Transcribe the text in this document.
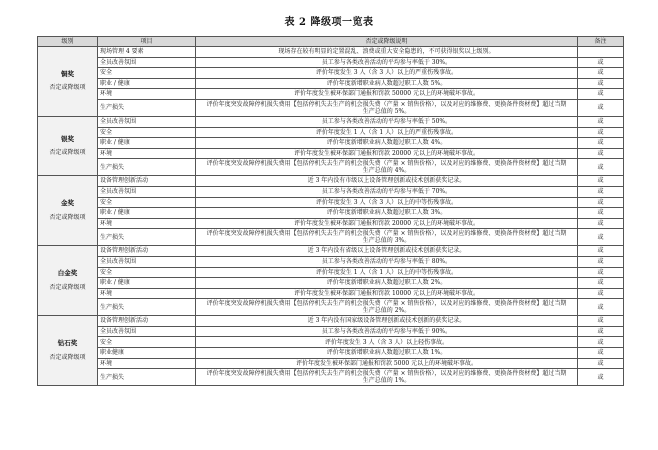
表 2 降级项一览表
级别	项目	否定或降级说明	备注

铜奖
否定或降级项	现场管理 4 要素	现场存在较有明显的定置混乱、浪费或重大安全隐患的，不可获得银奖以上级别。	
	全员改善氛围	员工参与各类改善活动的平均参与率低于 30%。	或
	安全	评价年度发生 3 人（含 3 人）以上的严重伤残事故。	或
	职业 / 健康	评价年度新增职业病人数超过职工人数 5%。	或
	环境	评价年度发生被环保部门通报和罚款 50000 元以上的环境破坏事故。	或
	生产损失	评价年度突发故障停机损失费用【包括停机失去生产的机会损失费（产量 × 销售价格），以及对应的维修费、更换备件资材费】超过当期生产总值的 5%。	或

银奖
否定或降级项	全员改善氛围	员工参与各类改善活动的平均参与率低于 50%。	或
	安全	评价年度发生 1 人（含 1 人）以上的严重伤残事故。	或
	职业 / 健康	评价年度新增职业病人数超过职工人数 4%。	或
	环境	评价年度发生被环保部门通报和罚款 20000 元以上的环境破坏事故。	或
	生产损失	评价年度突发故障停机损失费用【包括停机失去生产的机会损失费（产量 × 销售价格），以及对应的维修费、更换备件资材费】超过当期生产总值的 4%。	或

金奖
否定或降级项	设备管理创新活动	近 3 年内没有市级以上设备管理创新或技术创新获奖记录。	或
	全员改善氛围	员工参与各类改善活动的平均参与率低于 70%。	或
	安全	评价年度发生 3 人（含 3 人）以上的中等伤残事故。	或
	职业 / 健康	评价年度新增职业病人数超过职工人数 3%。	或
	环境	评价年度发生被环保部门通报和罚款 20000 元以上的环境破坏事故。	或
	生产损失	评价年度突发故障停机损失费用【包括停机失去生产的机会损失费（产量 × 销售价格），以及对应的维修费、更换备件资材费】超过当期生产总值的 3%。	或

白金奖
否定或降级项	设备管理创新活动	近 3 年内没有省级以上设备管理创新或技术创新获奖记录。	或
	全员改善氛围	员工参与各类改善活动的平均参与率低于 80%。	或
	安全	评价年度发生 1 人（含 1 人）以上的中等伤残事故。	或
	职业 / 健康	评价年度新增职业病人数超过职工人数 2%。	或
	环境	评价年度发生被环保部门通报和罚款 10000 元以上的环境破坏事故。	或
	生产损失	评价年度突发故障停机损失费用【包括停机失去生产的机会损失费（产量 × 销售价格），以及对应的维修费、更换备件资材费】超过当期生产总值的 2%。	或

钻石奖
否定或降级项	设备管理创新活动	近 3 年内没有国家级设备管理创新或技术创新的获奖记录。	或
	全员改善氛围	员工参与各类改善活动的平均参与率低于 90%。	或
	安全	评价年度发生 3 人（含 3 人）以上轻伤事故。	或
	职业健康	评价年度新增职业病人数超过职工人数 1%。	或
	环境	评价年度发生被环保部门通报和罚款 5000 元以上的环境破坏事故。	或
	生产损失	评价年度突发故障停机损失费用【包括停机失去生产的机会损失费（产量 × 销售价格），以及对应的维修费、更换备件资材费】超过当期生产总值的 1%。	或
